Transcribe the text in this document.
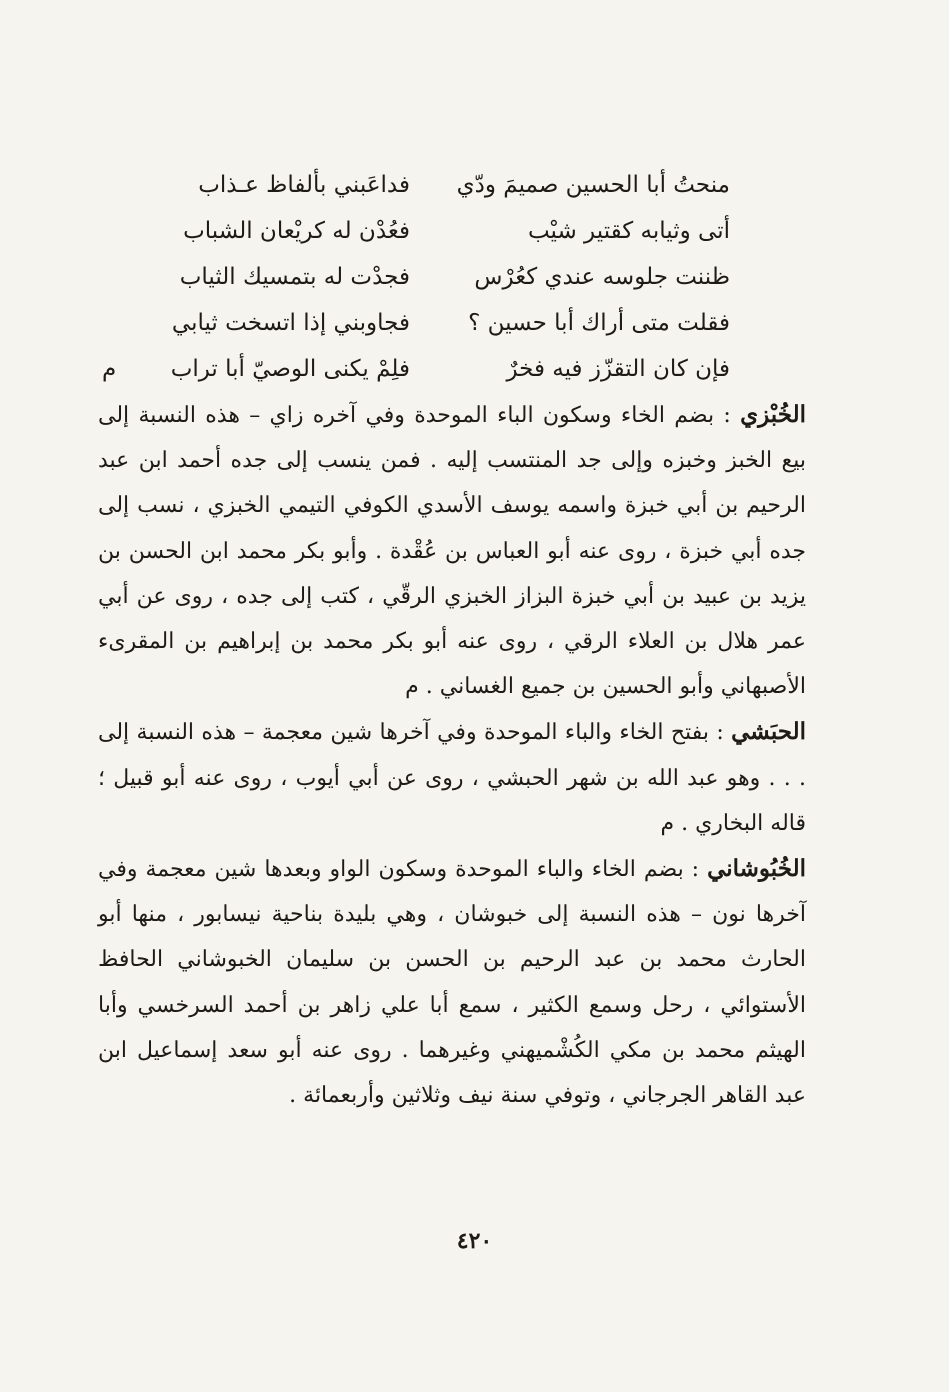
منحتُ أبا الحسين صميمَ ودّي
فداعَبني بألفاظ عـذاب
أتى وثيابه كقتير شيْب
فعُدْن له كريْعان الشباب
ظننت جلوسه عندي كعُرْس
فجدْت له بتمسيك الثياب
فقلت متى أراك أبا حسين ؟
فجاوبني إذا اتسخت ثيابي
فإن كان التقزّز فيه فخرٌ
فلِمْ يكنى الوصيّ أبا تراب
م

الخُبْزي : بضم الخاء وسكون الباء الموحدة وفي آخره زاي – هذه النسبة إلى بيع الخبز وخبزه وإلى جد المنتسب إليه . فمن ينسب إلى جده أحمد ابن عبد الرحيم بن أبي خبزة واسمه يوسف الأسدي الكوفي التيمي الخبزي ، نسب إلى جده أبي خبزة ، روى عنه أبو العباس بن عُقْدة . وأبو بكر محمد ابن الحسن بن يزيد بن عبيد بن أبي خبزة البزاز الخبزي الرقّي ، كتب إلى جده ، روى عن أبي عمر هلال بن العلاء الرقي ، روى عنه أبو بكر محمد بن إبراهيم بن المقرىء الأصبهاني وأبو الحسين بن جميع الغساني . م

الحبَشي : بفتح الخاء والباء الموحدة وفي آخرها شين معجمة – هذه النسبة إلى . . . وهو عبد الله بن شهر الحبشي ، روى عن أبي أيوب ، روى عنه أبو قبيل ؛ قاله البخاري . م

الخُبُوشاني : بضم الخاء والباء الموحدة وسكون الواو وبعدها شين معجمة وفي آخرها نون – هذه النسبة إلى خبوشان ، وهي بليدة بناحية نيسابور ، منها أبو الحارث محمد بن عبد الرحيم بن الحسن بن سليمان الخبوشاني الحافظ الأستوائي ، رحل وسمع الكثير ، سمع أبا علي زاهر بن أحمد السرخسي وأبا الهيثم محمد بن مكي الكُشْميهني وغيرهما . روى عنه أبو سعد إسماعيل ابن عبد القاهر الجرجاني ، وتوفي سنة نيف وثلاثين وأربعمائة .

٤٢٠
